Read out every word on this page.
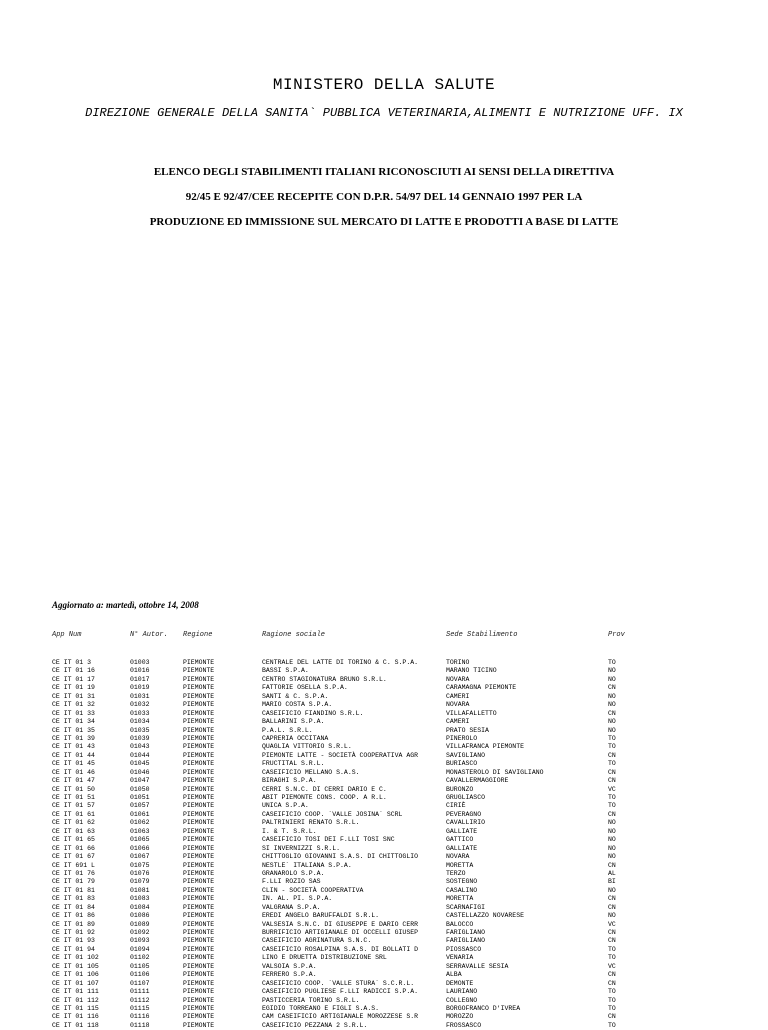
MINISTERO DELLA SALUTE
DIREZIONE GENERALE DELLA SANITA` PUBBLICA VETERINARIA,ALIMENTI E NUTRIZIONE UFF. IX
ELENCO DEGLI STABILIMENTI ITALIANI RICONOSCIUTI AI SENSI DELLA DIRETTIVA
92/45 E 92/47/CEE RECEPITE CON D.P.R. 54/97 DEL 14 GENNAIO 1997 PER LA
PRODUZIONE ED IMMISSIONE SUL MERCATO DI LATTE E PRODOTTI A BASE DI LATTE
Aggiornato a: martedì, ottobre 14, 2008
App Num	N° Autor. Regione	Ragione sociale	Sede Stabilimento	Prov
CE IT 01 3	01003	PIEMONTE	CENTRALE DEL LATTE DI TORINO & C. S.P.A.	TORINO	TO
CE IT 01 16	01016	PIEMONTE	BASSI S.P.A.	MARANO TICINO	NO
CE IT 01 17	01017	PIEMONTE	CENTRO STAGIONATURA BRUNO S.R.L.	NOVARA	NO
CE IT 01 19	01019	PIEMONTE	FATTORIE OSELLA S.P.A.	CARAMAGNA PIEMONTE	CN
CE IT 01 31	01031	PIEMONTE	SANTI & C. S.P.A.	CAMERI	NO
CE IT 01 32	01032	PIEMONTE	MARIO COSTA S.P.A.	NOVARA	NO
CE IT 01 33	01033	PIEMONTE	CASEIFICIO FIANDINO S.R.L.	VILLAFALLETTO	CN
CE IT 01 34	01034	PIEMONTE	BALLARINI S.P.A.	CAMERI	NO
CE IT 01 35	01035	PIEMONTE	P.A.L. S.R.L.	PRATO SESIA	NO
CE IT 01 39	01039	PIEMONTE	CAPRERIA OCCITANA	PINEROLO	TO
CE IT 01 43	01043	PIEMONTE	QUAGLIA VITTORIO S.R.L.	VILLAFRANCA PIEMONTE	TO
CE IT 01 44	01044	PIEMONTE	PIEMONTE LATTE - SOCIETÀ COOPERATIVA AGR	SAVIGLIANO	CN
CE IT 01 45	01045	PIEMONTE	FRUCTITAL S.R.L.	BURIASCO	TO
CE IT 01 46	01046	PIEMONTE	CASEIFICIO MELLANO S.A.S.	MONASTEROLO DI SAVIGLIANO	CN
CE IT 01 47	01047	PIEMONTE	BIRAGHI S.P.A.	CAVALLERMAGGIORE	CN
CE IT 01 50	01050	PIEMONTE	CERRI S.N.C. DI CERRI DARIO E C.	BURONZO	VC
CE IT 01 51	01051	PIEMONTE	ABIT PIEMONTE CONS. COOP. A R.L.	GRUGLIASCO	TO
CE IT 01 57	01057	PIEMONTE	UNICA S.P.A.	CIRIÈ	TO
CE IT 01 61	01061	PIEMONTE	CASEIFICIO COOP. `VALLE JOSINA` SCRL	PEVERAGNO	CN
CE IT 01 62	01062	PIEMONTE	PALTRINIERI RENATO S.R.L.	CAVALLIRIO	NO
CE IT 01 63	01063	PIEMONTE	I. & T. S.R.L.	GALLIATE	NO
CE IT 01 65	01065	PIEMONTE	CASEIFICIO TOSI DEI F.LLI TOSI SNC	GATTICO	NO
CE IT 01 66	01066	PIEMONTE	SI INVERNIZZI S.R.L.	GALLIATE	NO
CE IT 01 67	01067	PIEMONTE	CHITTOGLIO GIOVANNI S.A.S. DI CHITTOGLIO	NOVARA	NO
CE IT 691 L	01075	PIEMONTE	NESTLE` ITALIANA S.P.A.	MORETTA	CN
CE IT 01 76	01076	PIEMONTE	GRANAROLO S.P.A.	TERZO	AL
CE IT 01 79	01079	PIEMONTE	F.LLI ROZIO SAS	SOSTEGNO	BI
CE IT 01 81	01081	PIEMONTE	CLIN - SOCIETÀ COOPERATIVA	CASALINO	NO
CE IT 01 83	01083	PIEMONTE	IN. AL. PI. S.P.A.	MORETTA	CN
CE IT 01 84	01084	PIEMONTE	VALGRANA S.P.A.	SCARNAFIGI	CN
CE IT 01 86	01086	PIEMONTE	EREDI ANGELO BARUFFALDI S.R.L.	CASTELLAZZO NOVARESE	NO
CE IT 01 89	01089	PIEMONTE	VALSESIA S.N.C. DI GIUSEPPE E DARIO CERR	BALOCCO	VC
CE IT 01 92	01092	PIEMONTE	BURRIFICIO ARTIGIANALE DI OCCELLI GIUSEP	FARIGLIANO	CN
CE IT 01 93	01093	PIEMONTE	CASEIFICIO AGRINATURA S.N.C.	FARIGLIANO	CN
CE IT 01 94	01094	PIEMONTE	CASEIFICIO ROSALPINA S.A.S. DI BOLLATI D	PIOSSASCO	TO
CE IT 01 102	01102	PIEMONTE	LINO E DRUETTA DISTRIBUZIONE SRL	VENARIA	TO
CE IT 01 105	01105	PIEMONTE	VALSOIA S.P.A.	SERRAVALLE SESIA	VC
CE IT 01 106	01106	PIEMONTE	FERRERO S.P.A.	ALBA	CN
CE IT 01 107	01107	PIEMONTE	CASEIFICIO COOP. `VALLE STURA` S.C.R.L.	DEMONTE	CN
CE IT 01 111	01111	PIEMONTE	CASEIFICIO PUGLIESE F.LLI RADICCI S.P.A.	LAURIANO	TO
CE IT 01 112	01112	PIEMONTE	PASTICCERIA TORINO S.R.L.	COLLEGNO	TO
CE IT 01 115	01115	PIEMONTE	EGIDIO TORREANO E FIGLI S.A.S.	BORGOFRANCO D'IVREA	TO
CE IT 01 116	01116	PIEMONTE	CAM CASEIFICIO ARTIGIANALE MOROZZESE S.R	MOROZZO	CN
CE IT 01 118	01118	PIEMONTE	CASEIFICIO PEZZANA 2 S.R.L.	FROSSASCO	TO
